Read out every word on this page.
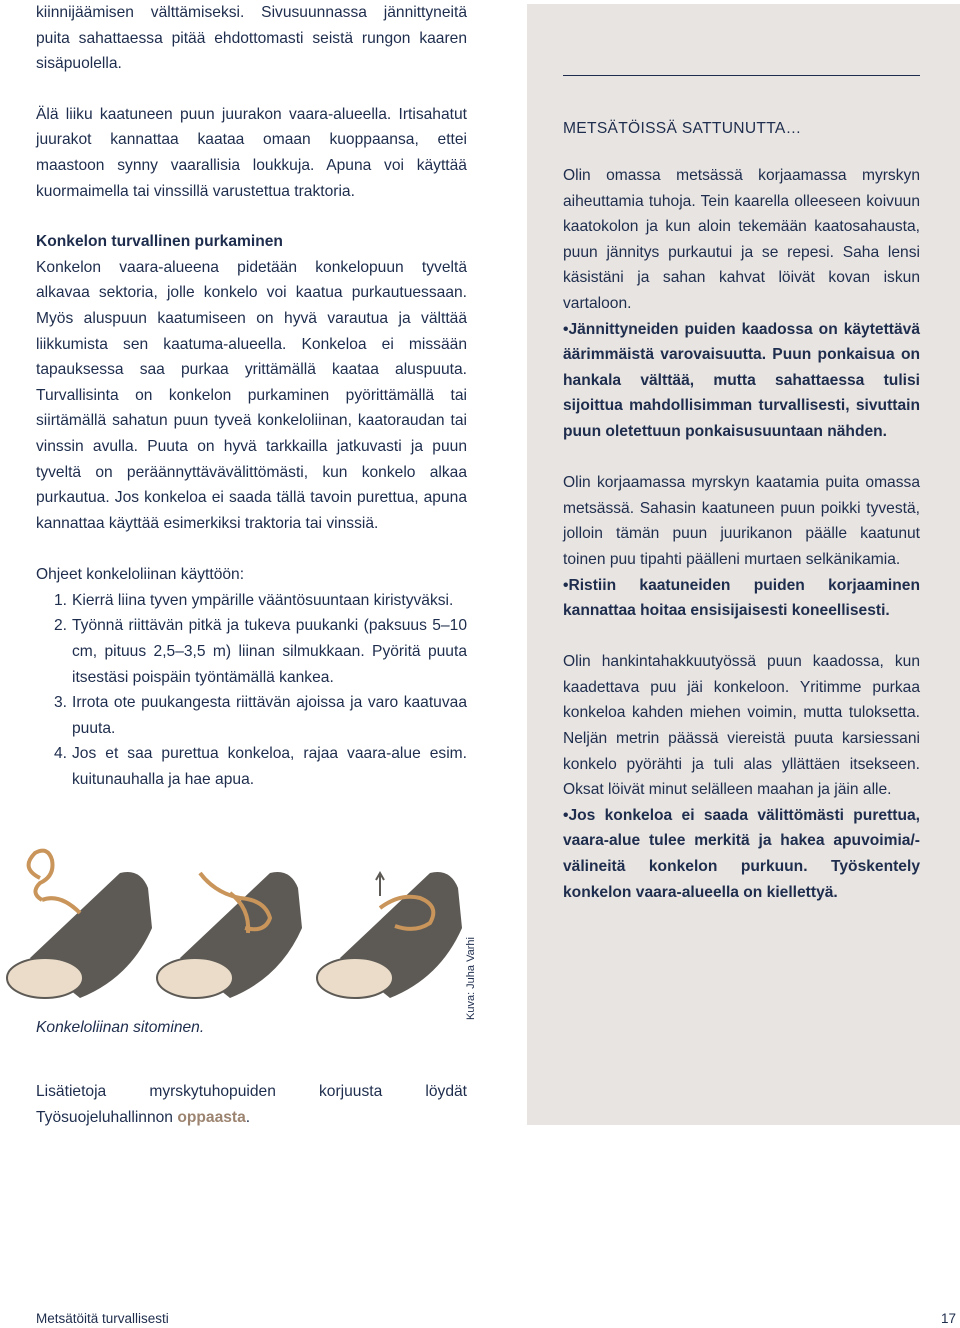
kiinnijäämisen välttämiseksi. Sivusuunnassa jännittyneitä puita sahattaessa pitää ehdottomasti seistä rungon kaaren sisäpuolella.

Älä liiku kaatuneen puun juurakon vaara-alueella. Irtisahatut juurakot kannattaa kaataa omaan kuoppaansa, ettei maastoon synny vaarallisia loukkuja. Apuna voi käyttää kuormaimella tai vinssillä varustettua traktoria.

Konkelon turvallinen purkaminen

Konkelon vaara-alueena pidetään konkelopuun tyveltä alkavaa sektoria, jolle konkelo voi kaatua purkautuessaan. Myös aluspuun kaatumiseen on hyvä varautua ja välttää liikkumista sen kaatuma-alueella. Konkeloa ei missään tapauksessa saa purkaa yrittämällä kaataa aluspuuta. Turvallisinta on konkelon purkaminen pyörittämällä tai siirtämällä sahatun puun tyveä konkeloliinan, kaatoraudan tai vinssin avulla. Puuta on hyvä tarkkailla jatkuvasti ja puun tyveltä on peräännyttävävälittömästi, kun konkelo alkaa purkautua. Jos konkeloa ei saada tällä tavoin purettua, apuna kannattaa käyttää esimerkiksi traktoria tai vinssiä.

Ohjeet konkeloliinan käyttöön:

1. Kierrä liina tyven ympärille vääntösuuntaan kiristyväksi.
2. Työnnä riittävän pitkä ja tukeva puukanki (paksuus 5–10 cm, pituus 2,5–3,5 m) liinan silmukkaan. Pyöritä puuta itsestäsi poispäin työntämällä kankea.
3. Irrota ote puukangesta riittävän ajoissa ja varo kaatuvaa puuta.
4. Jos et saa purettua konkeloa, rajaa vaara-alue esim. kuitunauhalla ja hae apua.
Konkeloliinan sitominen.
Kuva: Juha Varhi

Lisätietoja myrskytuhopuiden korjuusta löydät Työsuojeluhallinnon oppaasta.

METSÄTÖISSÄ SATTUNUTTA…

Olin omassa metsässä korjaamassa myrskyn aiheuttamia tuhoja. Tein kaarella olleeseen koivuun kaatokolon ja kun aloin tekemään kaatosahausta, puun jännitys purkautui ja se repesi. Saha lensi käsistäni ja sahan kahvat löivät kovan iskun vartaloon.

•Jännittyneiden puiden kaadossa on käytettävä äärimmäistä varovaisuutta. Puun ponkaisua on hankala välttää, mutta sahattaessa tulisi sijoittua mahdollisimman turvallisesti, sivuttain puun oletettuun ponkaisusuuntaan nähden.

Olin korjaamassa myrskyn kaatamia puita omassa metsässä. Sahasin kaatuneen puun poikki tyvestä, jolloin tämän puun juurikanon päälle kaatunut toinen puu tipahti päälleni murtaen selkänikamia.

•Ristiin kaatuneiden puiden korjaaminen kannattaa hoitaa ensisijaisesti koneellisesti.

Olin hankintahakkuutyössä puun kaadossa, kun kaadettava puu jäi konkeloon. Yritimme purkaa konkeloa kahden miehen voimin, mutta tuloksetta. Neljän metrin päässä viereistä puuta karsiessani konkelo pyörähti ja tuli alas yllättäen itsekseen. Oksat löivät minut selälleen maahan ja jäin alle.

•Jos konkeloa ei saada välittömästi purettua, vaara-alue tulee merkitä ja hakea apuvoimia/-välineitä konkelon purkuun. Työskentely konkelon vaara-alueella on kiellettyä.

Metsätöitä turvallisesti	17
